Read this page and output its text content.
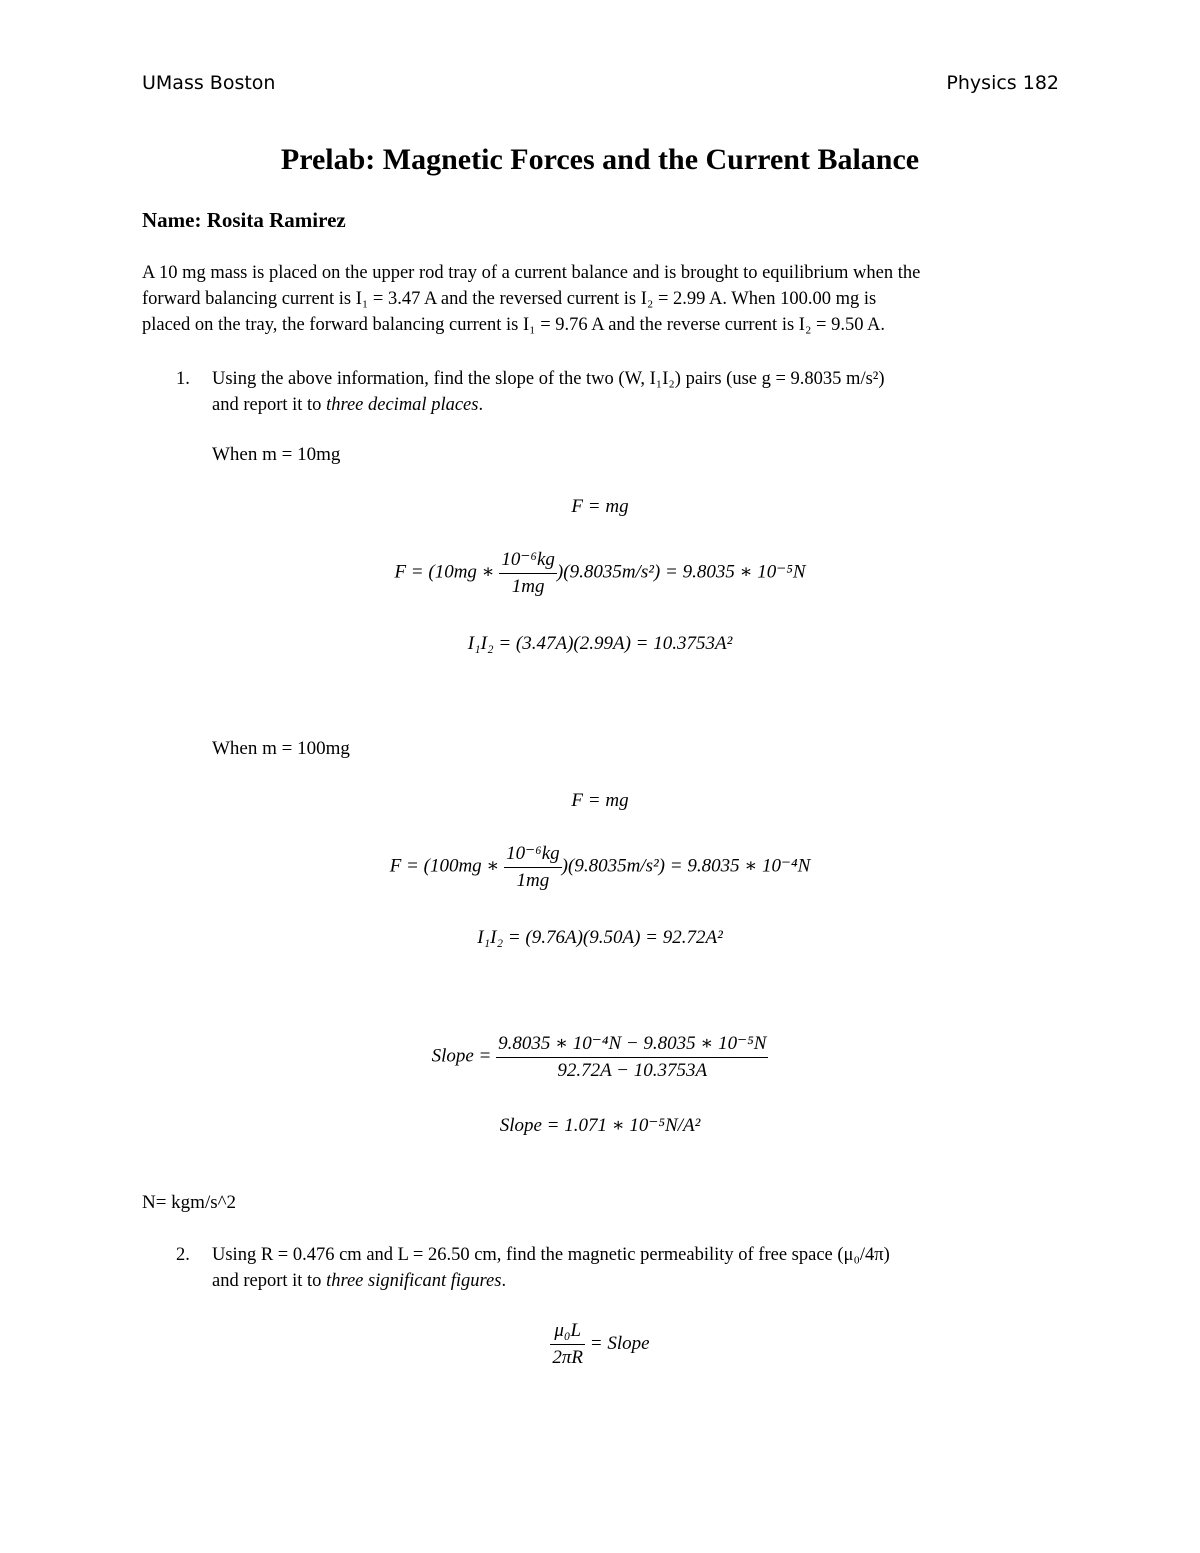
UMass Boston	Physics 182
Prelab: Magnetic Forces and the Current Balance
Name: Rosita Ramirez
A 10 mg mass is placed on the upper rod tray of a current balance and is brought to equilibrium when the
forward balancing current is I₁ = 3.47 A and the reversed current is I₂ = 2.99 A. When 100.00 mg is
placed on the tray, the forward balancing current is I₁ = 9.76 A and the reverse current is I₂ = 9.50 A.
1. Using the above information, find the slope of the two (W, I₁I₂) pairs (use g = 9.8035 m/s²)
and report it to three decimal places.
When m = 10mg
F = mg
F = (10mg ∗ $\frac{\text{10⁻⁶kg}}{1mg} )(9.8035m/s^2) = 9.8035$ ∗ 10⁻⁵N
I₁I₂ = (3.47A)(2.99A) = 10.3753A²
When m = 100mg
F = mg
F = (100mg ∗ $\frac{\text{10⁻⁶kg}}{1mg} )(9.8035m/s^2) = 9.8035$ ∗ 10⁻⁴N
I₁I₂ = (9.76A)(9.50A) = 92.72A²
Slope = $\frac{\text{9.8035 ∗ 10⁻⁴N − 9.8035 ∗ 10⁻⁵N}}{92.72A - 10.3753A}$
Slope = 1.071 ∗ 10⁻⁵N/A²
N= kgm/s^2
2. Using R = 0.476 cm and L = 26.50 cm, find the magnetic permeability of free space (μ₀/4π)
and report it to three significant figures.
$\frac{\text{μ₀L}}{2\pi R}$ = Slope
